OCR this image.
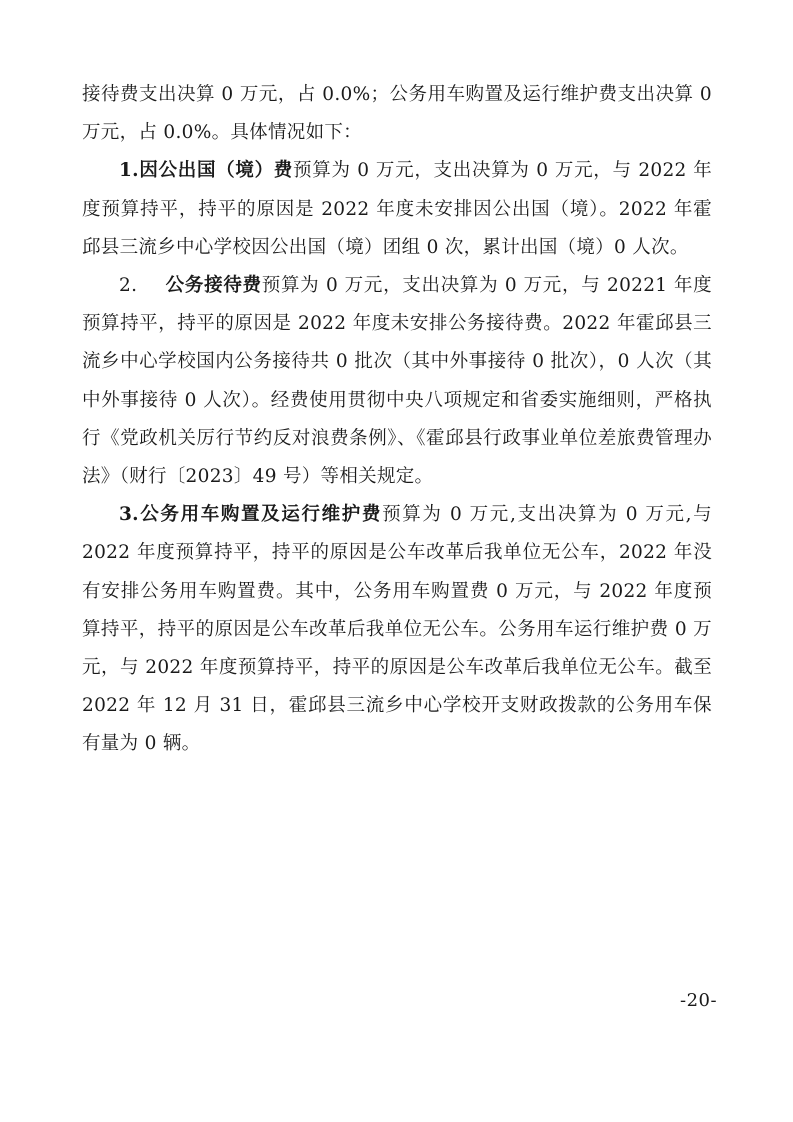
接待费支出决算 0 万元，占 0.0%；公务用车购置及运行维护费支出决算 0 万元，占 0.0%。具体情况如下：

1.因公出国（境）费预算为 0 万元，支出决算为 0 万元，与 2022 年度预算持平，持平的原因是 2022 年度未安排因公出国（境）。2022 年霍邱县三流乡中心学校因公出国（境）团组 0 次，累计出国（境）0 人次。

2. 公务接待费预算为 0 万元，支出决算为 0 万元，与 20221 年度预算持平，持平的原因是 2022 年度未安排公务接待费。2022 年霍邱县三流乡中心学校国内公务接待共 0 批次（其中外事接待 0 批次），0 人次（其中外事接待 0 人次）。经费使用贯彻中央八项规定和省委实施细则，严格执行《党政机关厉行节约反对浪费条例》、《霍邱县行政事业单位差旅费管理办法》（财行〔2023〕49 号）等相关规定。

3.公务用车购置及运行维护费预算为 0 万元,支出决算为 0 万元,与 2022 年度预算持平，持平的原因是公车改革后我单位无公车，2022 年没有安排公务用车购置费。其中，公务用车购置费 0 万元，与 2022 年度预算持平，持平的原因是公车改革后我单位无公车。公务用车运行维护费 0 万元，与 2022 年度预算持平，持平的原因是公车改革后我单位无公车。截至 2022 年 12 月 31 日，霍邱县三流乡中心学校开支财政拨款的公务用车保有量为 0 辆。

-20-
